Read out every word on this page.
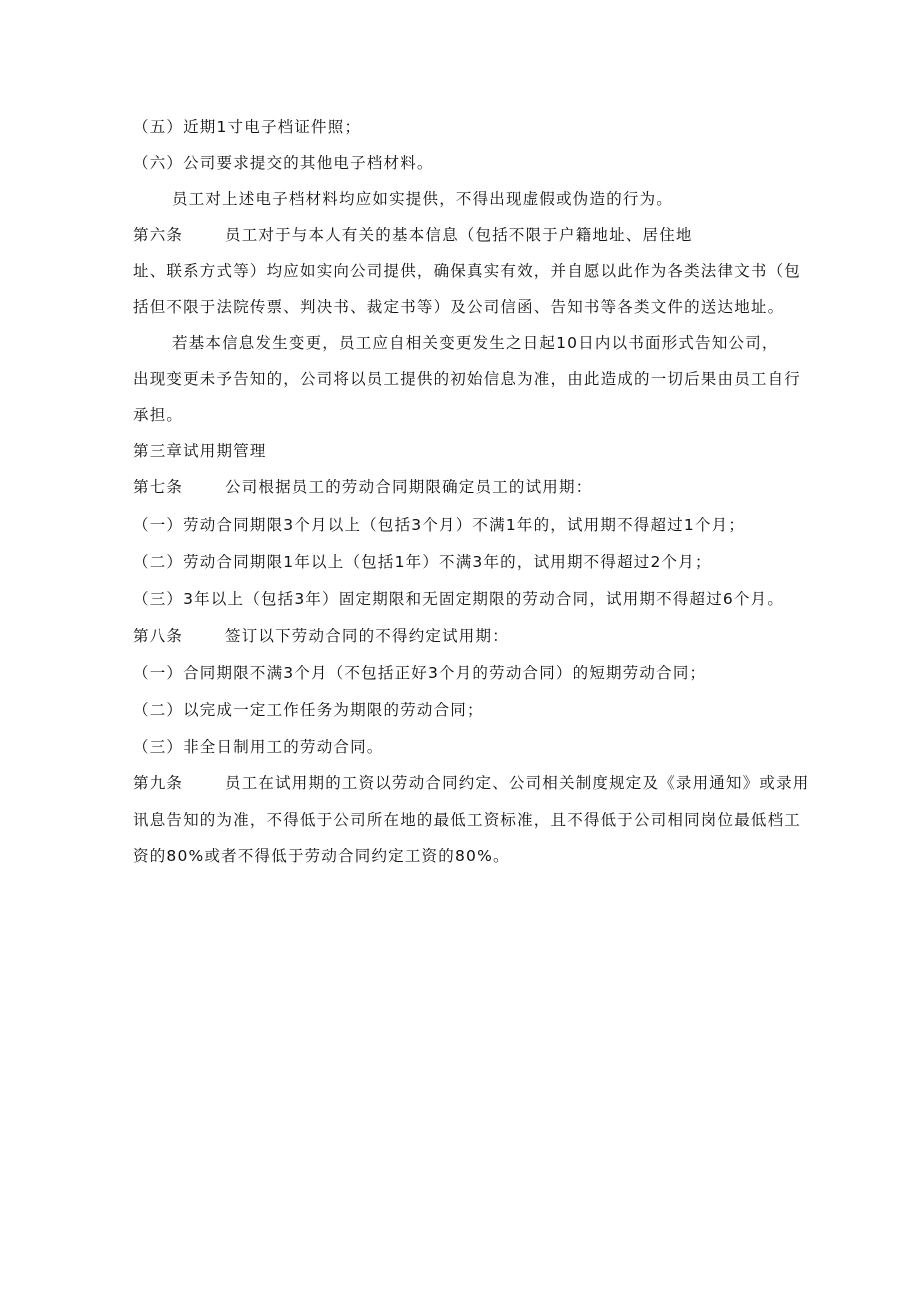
（五）近期1寸电子档证件照；
（六）公司要求提交的其他电子档材料。
员工对上述电子档材料均应如实提供，不得出现虚假或伪造的行为。
第六条	员工对于与本人有关的基本信息（包括不限于户籍地址、居住地
址、联系方式等）均应如实向公司提供，确保真实有效，并自愿以此作为各类法律文书（包
括但不限于法院传票、判决书、裁定书等）及公司信函、告知书等各类文件的送达地址。
若基本信息发生变更，员工应自相关变更发生之日起10日内以书面形式告知公司，
出现变更未予告知的，公司将以员工提供的初始信息为准，由此造成的一切后果由员工自行
承担。
第三章试用期管理
第七条	公司根据员工的劳动合同期限确定员工的试用期：
（一）劳动合同期限3个月以上（包括3个月）不满1年的，试用期不得超过1个月；
（二）劳动合同期限1年以上（包括1年）不满3年的，试用期不得超过2个月；
（三）3年以上（包括3年）固定期限和无固定期限的劳动合同，试用期不得超过6个月。
第八条	签订以下劳动合同的不得约定试用期：
（一）合同期限不满3个月（不包括正好3个月的劳动合同）的短期劳动合同；
（二）以完成一定工作任务为期限的劳动合同；
（三）非全日制用工的劳动合同。
第九条	员工在试用期的工资以劳动合同约定、公司相关制度规定及《录用通知》或录用
讯息告知的为准，不得低于公司所在地的最低工资标准，且不得低于公司相同岗位最低档工
资的80%或者不得低于劳动合同约定工资的80%。
